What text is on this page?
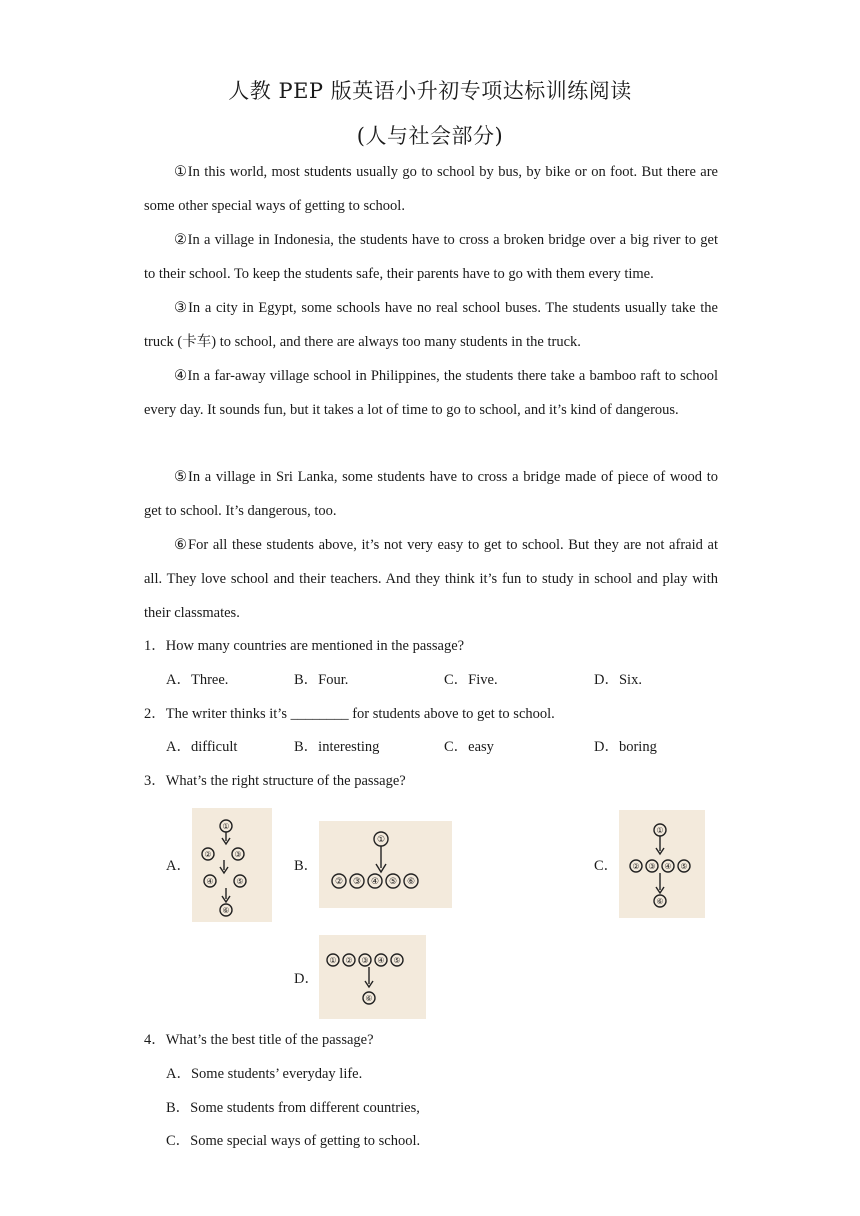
人教 PEP 版英语小升初专项达标训练阅读
(人与社会部分)

①In this world, most students usually go to school by bus, by bike or on foot. But there are some other special ways of getting to school.

②In a village in Indonesia, the students have to cross a broken bridge over a big river to get to their school. To keep the students safe, their parents have to go with them every time.

③In a city in Egypt, some schools have no real school buses. The students usually take the truck (卡车) to school, and there are always too many students in the truck.

④In a far-away village school in Philippines, the students there take a bamboo raft to school every day. It sounds fun, but it takes a lot of time to go to school, and it’s kind of dangerous.

⑤In a village in Sri Lanka, some students have to cross a bridge made of piece of wood to get to school. It’s dangerous, too.

⑥For all these students above, it’s not very easy to get to school. But they are not afraid at all. They love school and their teachers. And they think it’s fun to study in school and play with their classmates.

1．How many countries are mentioned in the passage?
A．Three.	B．Four.	C．Five.	D．Six.
2．The writer thinks it’s ________ for students above to get to school.
A．difficult	B．interesting	C．easy	D．boring
3．What’s the right structure of the passage?
A．	B．	C．
D．
①
②	③
④	⑤
⑥
①
② ③ ④ ⑤ ⑥
①
② ③ ④ ⑤
⑥
① ② ③ ④ ⑤
⑥
4．What’s the best title of the passage?
A．Some students’ everyday life.
B．Some students from different countries,
C．Some special ways of getting to school.
